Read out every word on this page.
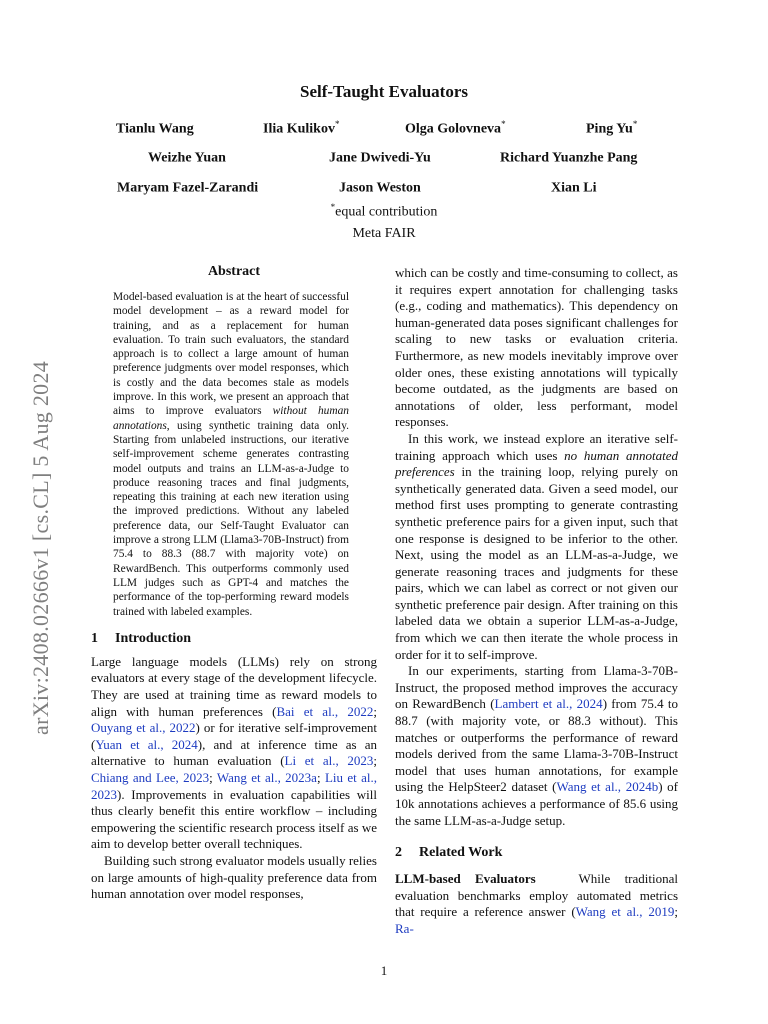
arXiv:2408.02666v1 [cs.CL] 5 Aug 2024
Self-Taught Evaluators
Tianlu Wang	Ilia Kulikov*	Olga Golovneva*	Ping Yu*
Weizhe Yuan	Jane Dwivedi-Yu	Richard Yuanzhe Pang
Maryam Fazel-Zarandi	Jason Weston	Xian Li
*equal contribution
Meta FAIR
Abstract
Model-based evaluation is at the heart of successful model development – as a reward model for training, and as a replacement for human evaluation. To train such evaluators, the standard approach is to collect a large amount of human preference judgments over model responses, which is costly and the data becomes stale as models improve. In this work, we present an approach that aims to improve evaluators without human annotations, using synthetic training data only. Starting from unlabeled instructions, our iterative self-improvement scheme generates contrasting model outputs and trains an LLM-as-a-Judge to produce reasoning traces and final judgments, repeating this training at each new iteration using the improved predictions. Without any labeled preference data, our Self-Taught Evaluator can improve a strong LLM (Llama3-70B-Instruct) from 75.4 to 88.3 (88.7 with majority vote) on RewardBench. This outperforms commonly used LLM judges such as GPT-4 and matches the performance of the top-performing reward models trained with labeled examples.
1 Introduction

Large language models (LLMs) rely on strong evaluators at every stage of the development lifecycle. They are used at training time as reward models to align with human preferences (Bai et al., 2022; Ouyang et al., 2022) or for iterative self-improvement (Yuan et al., 2024), and at inference time as an alternative to human evaluation (Li et al., 2023; Chiang and Lee, 2023; Wang et al., 2023a; Liu et al., 2023). Improvements in evaluation capabilities will thus clearly benefit this entire workflow – including empowering the scientific research process itself as we aim to develop better overall techniques.

Building such strong evaluator models usually relies on large amounts of high-quality preference data from human annotation over model responses,

which can be costly and time-consuming to collect, as it requires expert annotation for challenging tasks (e.g., coding and mathematics). This dependency on human-generated data poses significant challenges for scaling to new tasks or evaluation criteria. Furthermore, as new models inevitably improve over older ones, these existing annotations will typically become outdated, as the judgments are based on annotations of older, less performant, model responses.

In this work, we instead explore an iterative self-training approach which uses no human annotated preferences in the training loop, relying purely on synthetically generated data. Given a seed model, our method first uses prompting to generate contrasting synthetic preference pairs for a given input, such that one response is designed to be inferior to the other. Next, using the model as an LLM-as-a-Judge, we generate reasoning traces and judgments for these pairs, which we can label as correct or not given our synthetic preference pair design. After training on this labeled data we obtain a superior LLM-as-a-Judge, from which we can then iterate the whole process in order for it to self-improve.

In our experiments, starting from Llama-3-70B-Instruct, the proposed method improves the accuracy on RewardBench (Lambert et al., 2024) from 75.4 to 88.7 (with majority vote, or 88.3 without). This matches or outperforms the performance of reward models derived from the same Llama-3-70B-Instruct model that uses human annotations, for example using the HelpSteer2 dataset (Wang et al., 2024b) of 10k annotations achieves a performance of 85.6 using the same LLM-as-a-Judge setup.

2 Related Work

LLM-based Evaluators	While traditional evaluation benchmarks employ automated metrics that require a reference answer (Wang et al., 2019; Ra-

1
